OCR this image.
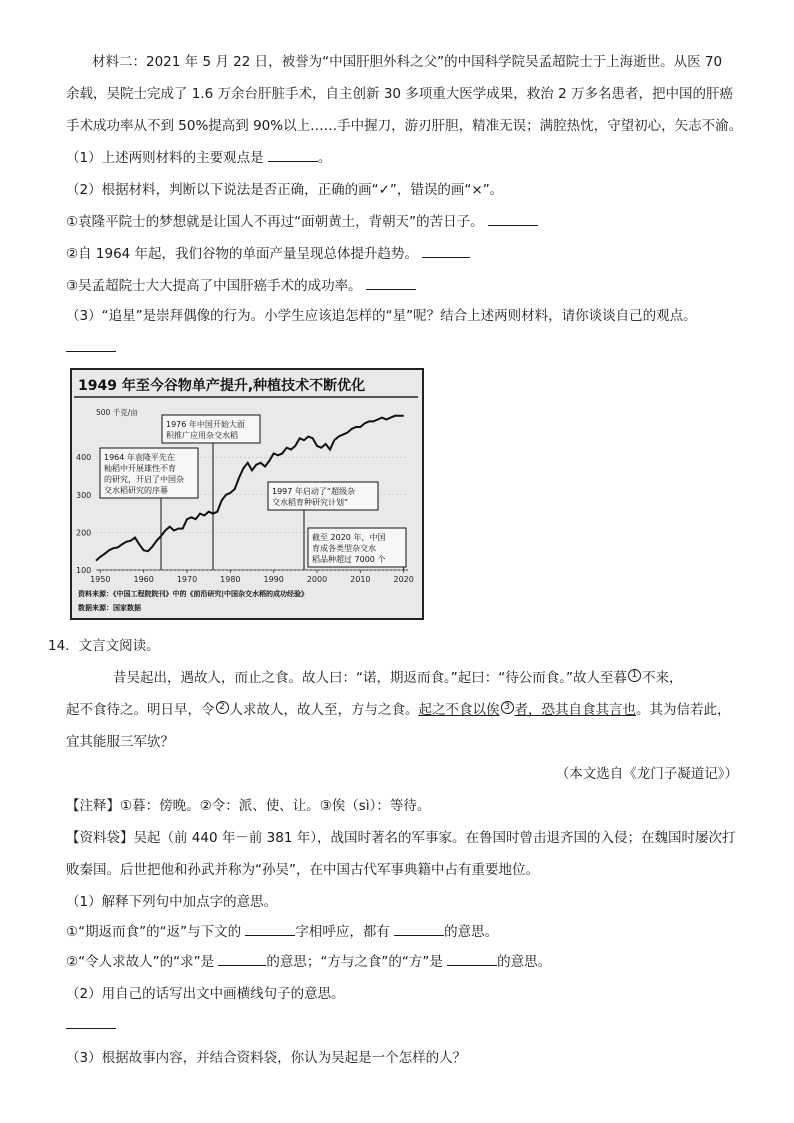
材料二：2021 年 5 月 22 日，被誉为“中国肝胆外科之父”的中国科学院吴孟超院士于上海逝世。从医 70
余载，吴院士完成了 1.6 万余台肝脏手术，自主创新 30 多项重大医学成果，救治 2 万多名患者，把中国的肝癌
手术成功率从不到 50%提高到 90%以上……手中握刀，游刃肝胆，精准无误；满腔热忱，守望初心，矢志不渝。
（1）上述两则材料的主要观点是	。
（2）根据材料，判断以下说法是否正确，正确的画“✓”，错误的画“×”。
①袁隆平院士的梦想就是让国人不再过“面朝黄土，背朝天”的苦日子。
②自 1964 年起，我们谷物的单面产量呈现总体提升趋势。
③吴孟超院士大大提高了中国肝癌手术的成功率。
（3）“追星”是崇拜偶像的行为。小学生应该追怎样的“星”呢？结合上述两则材料，请你谈谈自己的观点。
1949 年至今谷物单产提升,种植技术不断优化
1976 年中国开始大面
积推广应用杂交水稻
1964 年袁隆平先在
籼稻中开展雄性不育
的研究，开启了中国杂
交水稻研究的序幕	1997 年启动了“超级杂
交水稻育种研究计划”
截至 2020 年，中国
育成各类型杂交水
稻品种超过 7000 个
100
200
300
400
1950	1960	1970	1980	1990	2000	2010	2020
500 千克/亩
资料来源：《中国工程院院刊》中的《前沿研究|中国杂交水稻的成功经验》
数据来源：国家数据
14．文言文阅读。
昔吴起出，遇故人，而止之食。故人曰：“诺，期返而食。”起曰：“待公而食。”故人至暮 1 不来，
起不食待之。明日早，令 2 人求故人，故人至，方与之食。起之不食以俟 3 者，恐其自食其言也。其为信若此，
宜其能服三军欤？
（本文选自《龙门子凝道记》）
【注释】①暮：傍晚。②令：派、使、让。③俟（sì）：等待。
【资料袋】吴起（前 440 年－前 381 年），战国时著名的军事家。在鲁国时曾击退齐国的入侵；在魏国时屡次打
败秦国。后世把他和孙武并称为“孙吴”，在中国古代军事典籍中占有重要地位。
（1）解释下列句中加点字的意思。
①“期返而食”的“返”与下文的	字相呼应，都有	的意思。
②“令人求故人”的“求”是	的意思；“方与之食”的“方”是	的意思。
（2）用自己的话写出文中画横线句子的意思。
（3）根据故事内容，并结合资料袋，你认为吴起是一个怎样的人？
